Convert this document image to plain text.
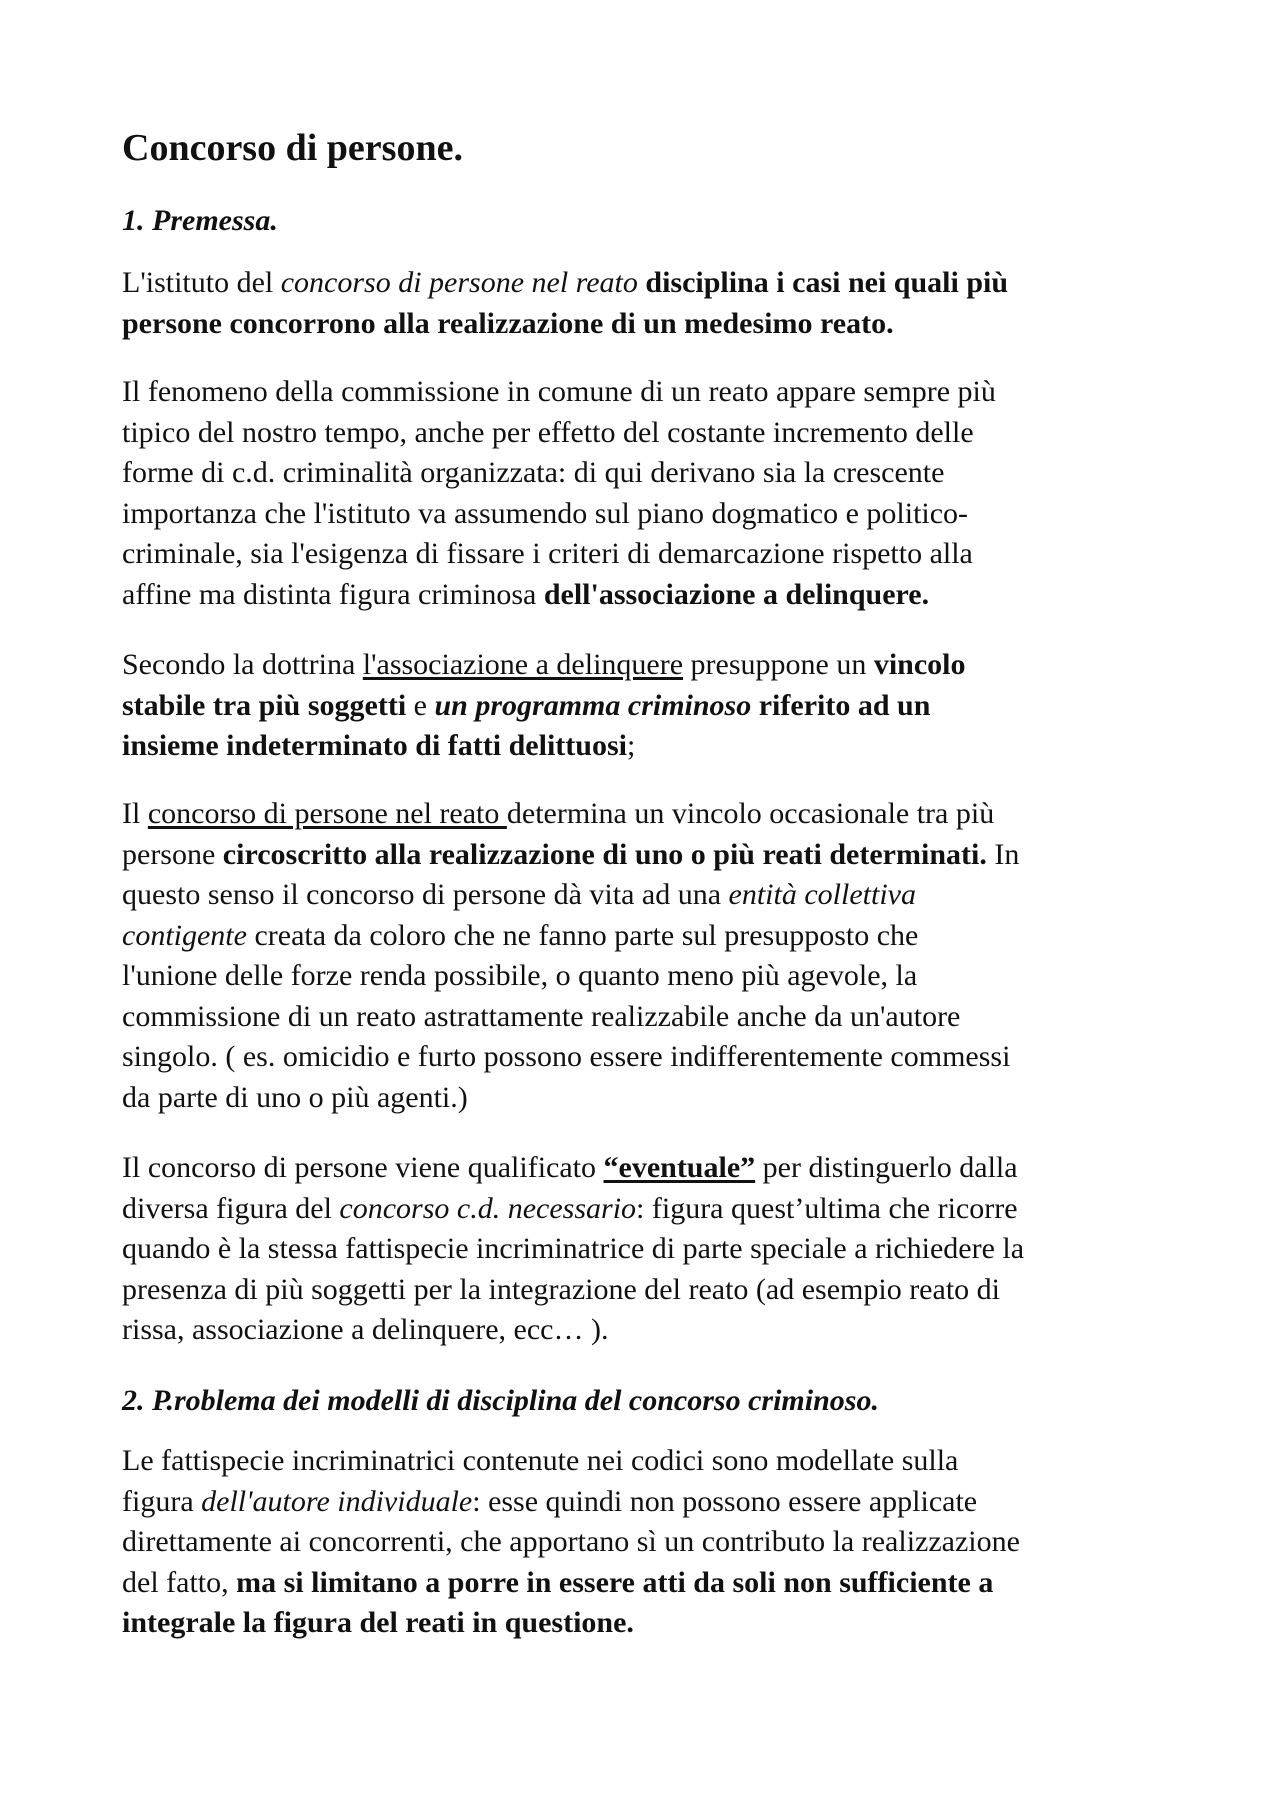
Concorso di persone.
1. Premessa.

L'istituto del concorso di persone nel reato disciplina i casi nei quali più
persone concorrono alla realizzazione di un medesimo reato.

Il fenomeno della commissione in comune di un reato appare sempre più
tipico del nostro tempo, anche per effetto del costante incremento delle
forme di c.d. criminalità organizzata: di qui derivano sia la crescente
importanza che l'istituto va assumendo sul piano dogmatico e politico-
criminale, sia l'esigenza di fissare i criteri di demarcazione rispetto alla
affine ma distinta figura criminosa dell'associazione a delinquere.

Secondo la dottrina l'associazione a delinquere presuppone un vincolo
stabile tra più soggetti e un programma criminoso riferito ad un
insieme indeterminato di fatti delittuosi;

Il concorso di persone nel reato determina un vincolo occasionale tra più
persone circoscritto alla realizzazione di uno o più reati determinati. In
questo senso il concorso di persone dà vita ad una entità collettiva
contigente creata da coloro che ne fanno parte sul presupposto che
l'unione delle forze renda possibile, o quanto meno più agevole, la
commissione di un reato astrattamente realizzabile anche da un'autore
singolo. ( es. omicidio e furto possono essere indifferentemente commessi
da parte di uno o più agenti.)

Il concorso di persone viene qualificato “eventuale” per distinguerlo dalla
diversa figura del concorso c.d. necessario: figura quest’ultima che ricorre
quando è la stessa fattispecie incriminatrice di parte speciale a richiedere la
presenza di più soggetti per la integrazione del reato (ad esempio reato di
rissa, associazione a delinquere, ecc… ).

2. P.roblema dei modelli di disciplina del concorso criminoso.

Le fattispecie incriminatrici contenute nei codici sono modellate sulla
figura dell'autore individuale: esse quindi non possono essere applicate
direttamente ai concorrenti, che apportano sì un contributo la realizzazione
del fatto, ma si limitano a porre in essere atti da soli non sufficiente a
integrale la figura del reati in questione.
